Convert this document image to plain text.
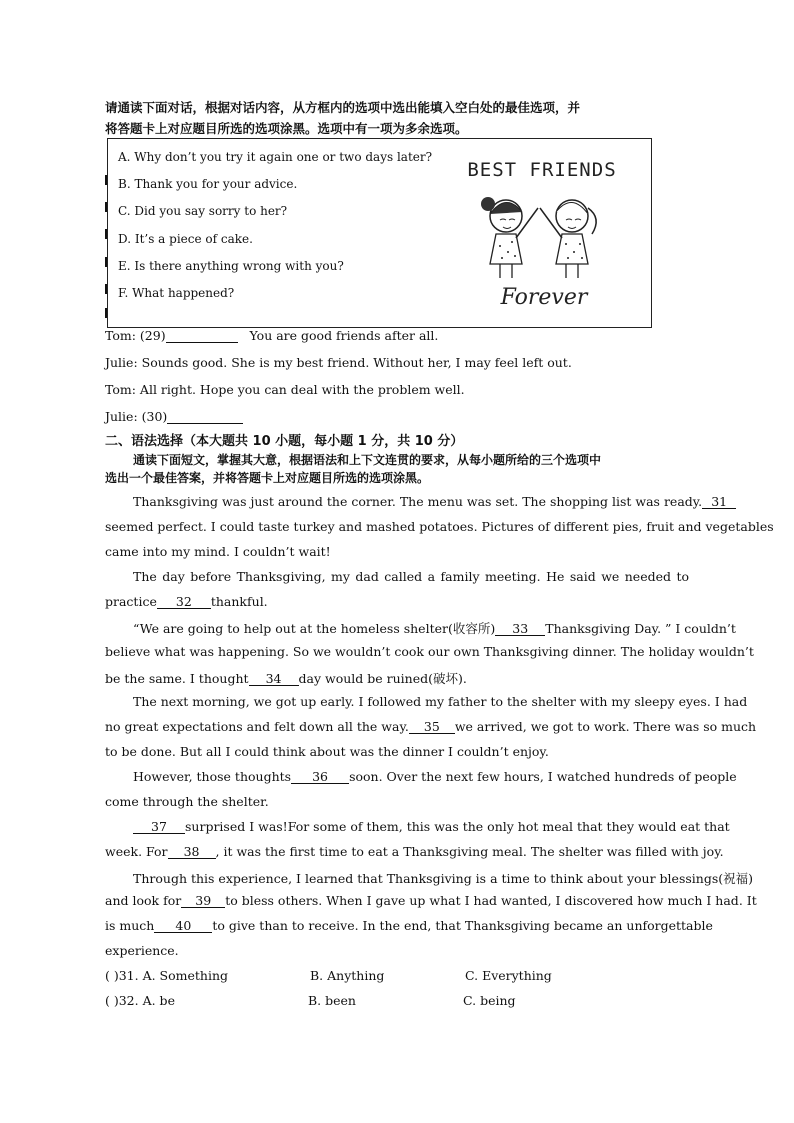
请通读下面对话，根据对话内容，从方框内的选项中选出能填入空白处的最佳选项，并
将答题卡上对应题目所选的选项涂黑。选项中有一项为多余选项。
A. Why don’t you try it again one or two days later?
B. Thank you for your advice.
C. Did you say sorry to her?
D. It’s a piece of cake.
E. Is there anything wrong with you?
F. What happened?
BEST FRIENDS
Forever
Tom: (29)	You are good friends after all.
Julie: Sounds good. She is my best friend. Without her, I may feel left out.
Tom: All right. Hope you can deal with the problem well.
Julie: (30)
二、语法选择（本大题共 10 小题，每小题 1 分，共 10 分）
通读下面短文，掌握其大意，根据语法和上下文连贯的要求，从每小题所给的三个选项中
选出一个最佳答案，并将答题卡上对应题目所选的选项涂黑。
Thanksgiving was just around the corner. The menu was set. The shopping list was ready. 31
seemed perfect. I could taste turkey and mashed potatoes. Pictures of different pies, fruit and vegetables
came into my mind. I couldn’t wait!
The day before Thanksgiving, my dad called a family meeting. He said we needed to
practice 32 thankful.
“We are going to help out at the homeless shelter(收容所) 33 Thanksgiving Day. ” I couldn’t
believe what was happening. So we wouldn’t cook our own Thanksgiving dinner. The holiday wouldn’t
be the same. I thought 34 day would be ruined(破坏).
The next morning, we got up early. I followed my father to the shelter with my sleepy eyes. I had
no great expectations and felt down all the way. 35 we arrived, we got to work. There was so much
to be done. But all I could think about was the dinner I couldn’t enjoy.
However, those thoughts 36 soon. Over the next few hours, I watched hundreds of people
come through the shelter.
37 surprised I was!For some of them, this was the only hot meal that they would eat that
week. For 38 , it was the first time to eat a Thanksgiving meal. The shelter was filled with joy.
Through this experience, I learned that Thanksgiving is a time to think about your blessings(祝福)
and look for 39 to bless others. When I gave up what I had wanted, I discovered how much I had. It
is much 40 to give than to receive. In the end, that Thanksgiving became an unforgettable
experience.
( )31. A. Something	B. Anything	C. Everything
( )32. A. be	B. been	C. being
